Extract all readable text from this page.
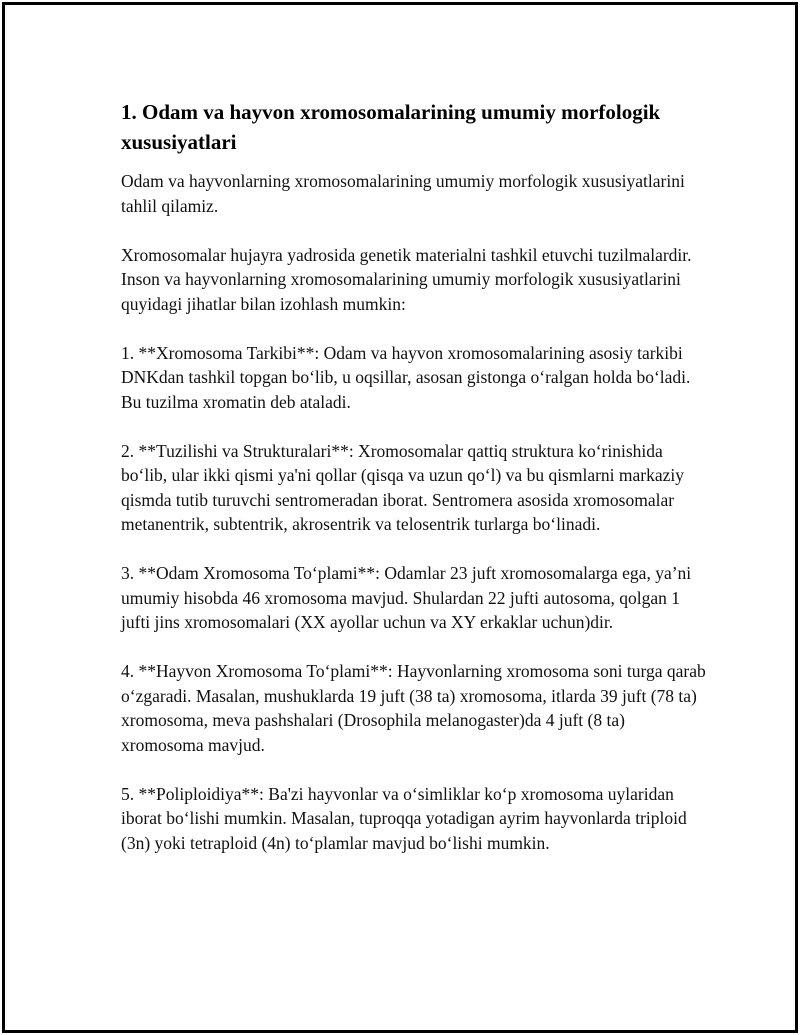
1. Odam va hayvon xromosomalarining umumiy morfologik xususiyatlari

Odam va hayvonlarning xromosomalarining umumiy morfologik xususiyatlarini tahlil qilamiz.

Xromosomalar hujayra yadrosida genetik materialni tashkil etuvchi tuzilmalardir. Inson va hayvonlarning xromosomalarining umumiy morfologik xususiyatlarini quyidagi jihatlar bilan izohlash mumkin:

1. **Xromosoma Tarkibi**: Odam va hayvon xromosomalarining asosiy tarkibi DNKdan tashkil topgan bo‘lib, u oqsillar, asosan gistonga o‘ralgan holda bo‘ladi. Bu tuzilma xromatin deb ataladi.

2. **Tuzilishi va Strukturalari**: Xromosomalar qattiq struktura ko‘rinishida bo‘lib, ular ikki qismi ya'ni qollar (qisqa va uzun qo‘l) va bu qismlarni markaziy qismda tutib turuvchi sentromeradan iborat. Sentromera asosida xromosomalar metanentrik, subtentrik, akrosentrik va telosentrik turlarga bo‘linadi.

3. **Odam Xromosoma To‘plami**: Odamlar 23 juft xromosomalarga ega, ya’ni umumiy hisobda 46 xromosoma mavjud. Shulardan 22 jufti autosoma, qolgan 1 jufti jins xromosomalari (XX ayollar uchun va XY erkaklar uchun)dir.

4. **Hayvon Xromosoma To‘plami**: Hayvonlarning xromosoma soni turga qarab o‘zgaradi. Masalan, mushuklarda 19 juft (38 ta) xromosoma, itlarda 39 juft (78 ta) xromosoma, meva pashshalari (Drosophila melanogaster)da 4 juft (8 ta) xromosoma mavjud.

5. **Poliploidiya**: Ba'zi hayvonlar va o‘simliklar ko‘p xromosoma uylaridan iborat bo‘lishi mumkin. Masalan, tuproqqa yotadigan ayrim hayvonlarda triploid (3n) yoki tetraploid (4n) to‘plamlar mavjud bo‘lishi mumkin.
